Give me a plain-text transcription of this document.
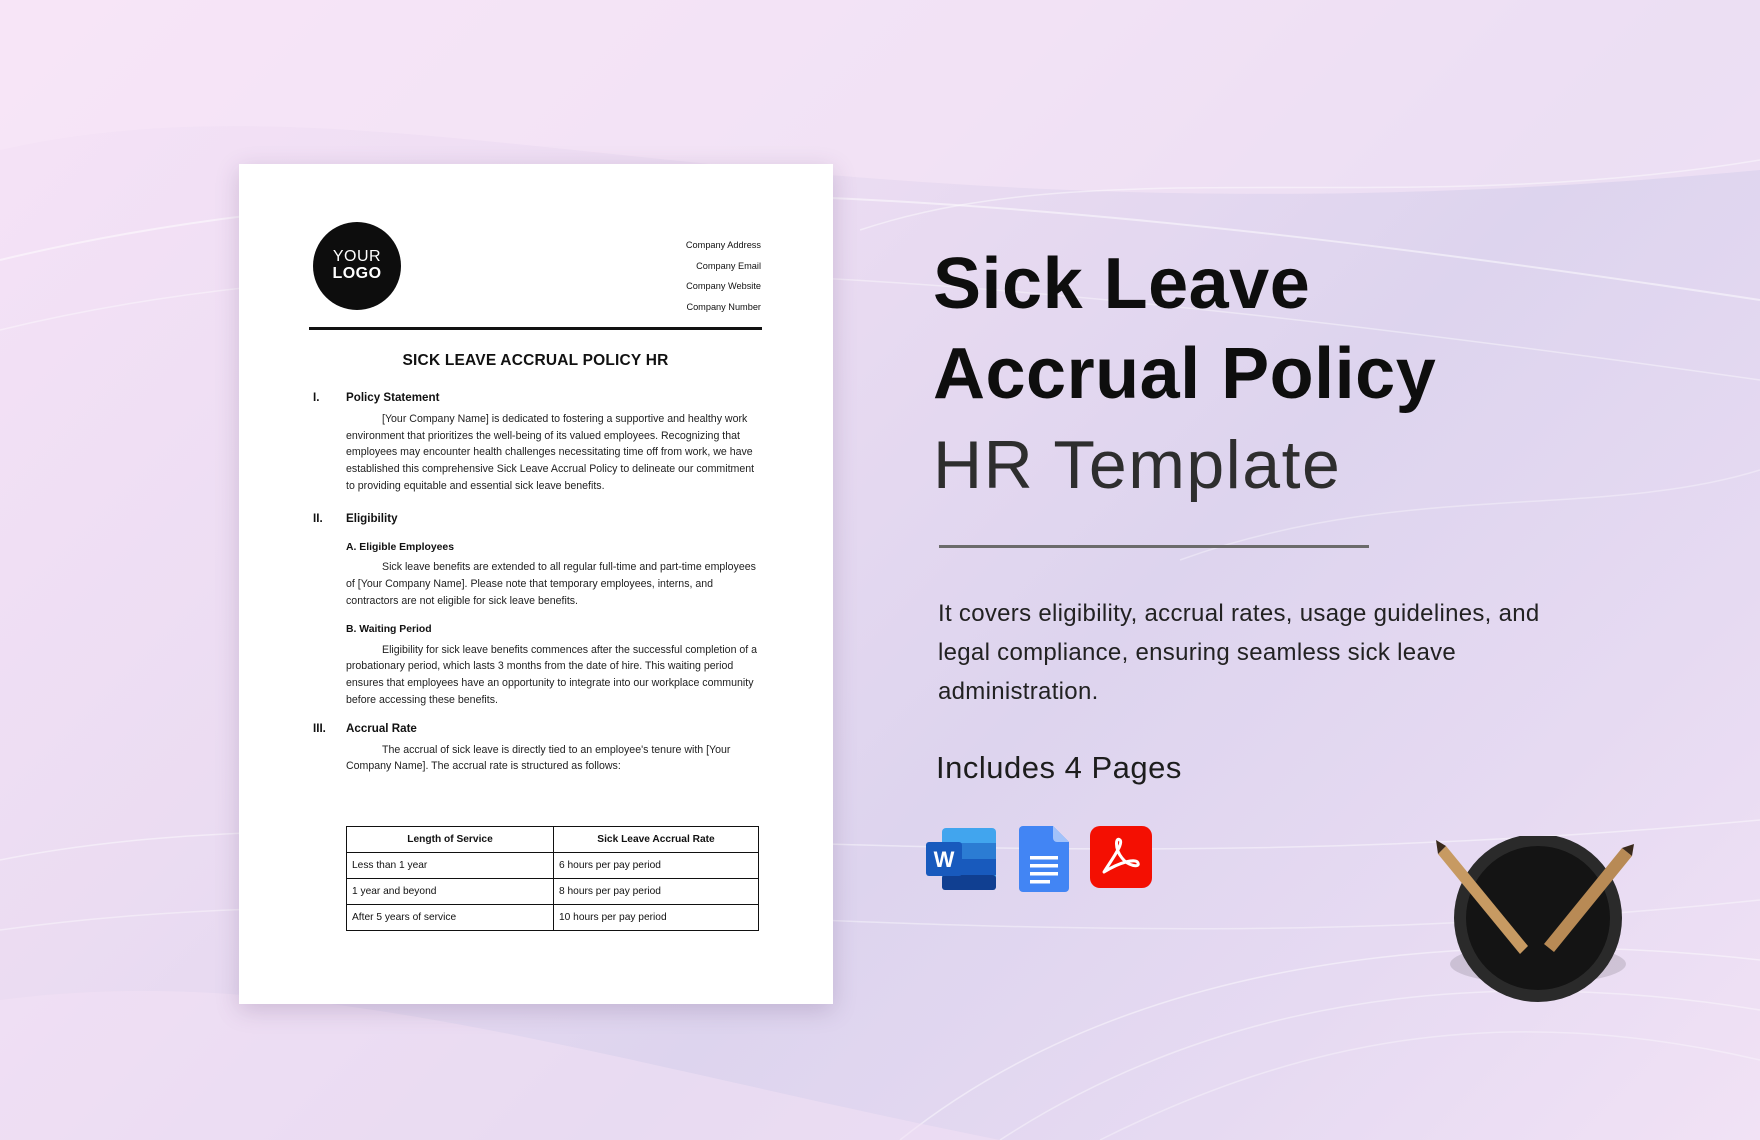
YOUR
LOGO
Company Address
Company Email
Company Website
Company Number
SICK LEAVE ACCRUAL POLICY HR
I. Policy Statement

[Your Company Name] is dedicated to fostering a supportive and healthy work environment that prioritizes the well-being of its valued employees. Recognizing that employees may encounter health challenges necessitating time off from work, we have established this comprehensive Sick Leave Accrual Policy to delineate our commitment to providing equitable and essential sick leave benefits.

II. Eligibility
A. Eligible Employees

Sick leave benefits are extended to all regular full-time and part-time employees of [Your Company Name]. Please note that temporary employees, interns, and contractors are not eligible for sick leave benefits.

B. Waiting Period

Eligibility for sick leave benefits commences after the successful completion of a probationary period, which lasts 3 months from the date of hire. This waiting period ensures that employees have an opportunity to integrate into our workplace community before accessing these benefits.

III. Accrual Rate

The accrual of sick leave is directly tied to an employee's tenure with [Your Company Name]. The accrual rate is structured as follows:

Length of Service	Sick Leave Accrual Rate
Less than 1 year	6 hours per pay period
1 year and beyond	8 hours per pay period
After 5 years of service	10 hours per pay period
Sick Leave
Accrual Policy
HR Template

It covers eligibility, accrual rates, usage guidelines, and legal compliance, ensuring seamless sick leave administration.

Includes 4 Pages
W
